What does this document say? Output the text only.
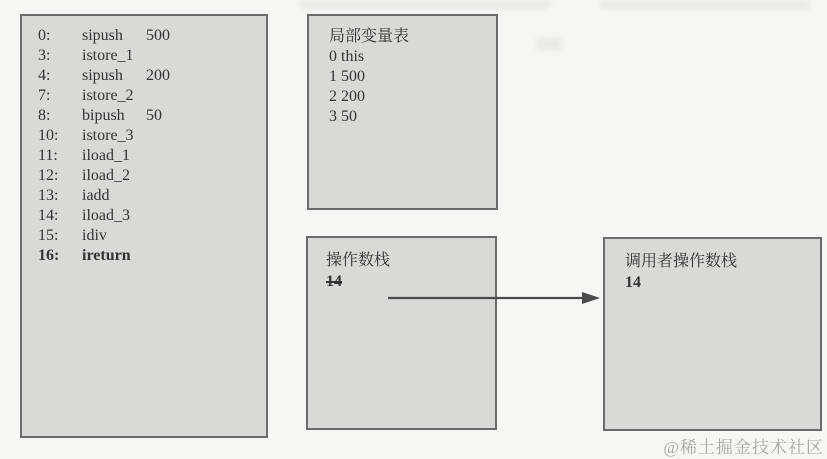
0:	sipush	500
3:	istore_1
4:	sipush	200
7:	istore_2
8:	bipush	50
10:	istore_3
11:	iload_1
12:	iload_2
13:	iadd
14:	iload_3
15:	idiv
16:	ireturn
局部变量表
0 this
1 500
2 200
3 50
操作数栈
14
调用者操作数栈
14
@稀土掘金技术社区
